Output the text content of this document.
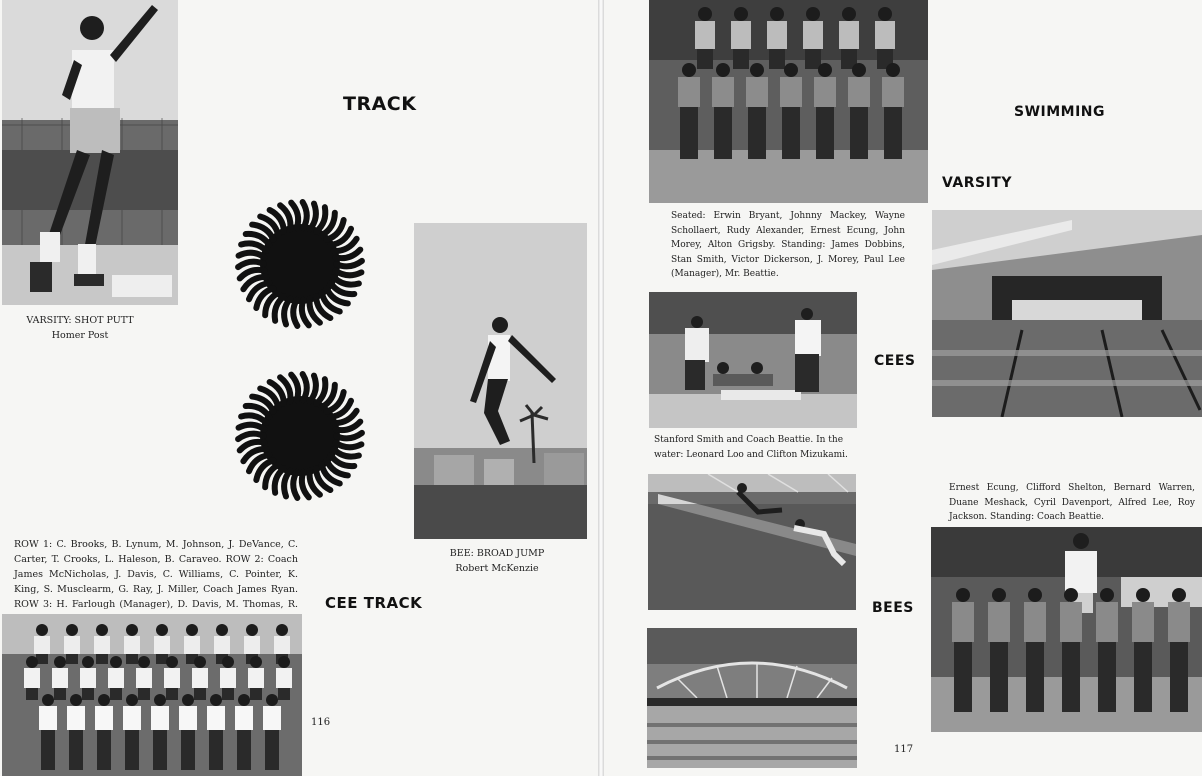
VARSITY: SHOT PUTT
Homer Post
TRACK
BEE: BROAD JUMP
Robert McKenzie
ROW 1: C. Brooks, B. Lynum, M. Johnson, J. DeVance, C. Carter, T. Crooks, L. Haleson, B. Caraveo. ROW 2: Coach James McNicholas, J. Davis, C. Williams, C. Pointer, K. King, S. Musclearm, G. Ray, J. Miller, Coach James Ryan. ROW 3: H. Farlough (Manager), D. Davis, M. Thomas, R. CEE TRACK
116
Seated: Erwin Bryant, Johnny Mackey, Wayne Schollaert, Rudy Alexander, Ernest Ecung, John Morey, Alton Grigsby. Standing: James Dobbins, Stan Smith, Victor Dickerson, J. Morey, Paul Lee (Manager), Mr. Beattie.
SWIMMING
VARSITY
Stanford Smith and Coach Beattie. In the water: Leonard Loo and Clifton Mizukami.
CEES
Ernest Ecung, Clifford Shelton, Bernard Warren, Duane Meshack, Cyril Davenport, Alfred Lee, Roy Jackson. Standing: Coach Beattie.
BEES
117
